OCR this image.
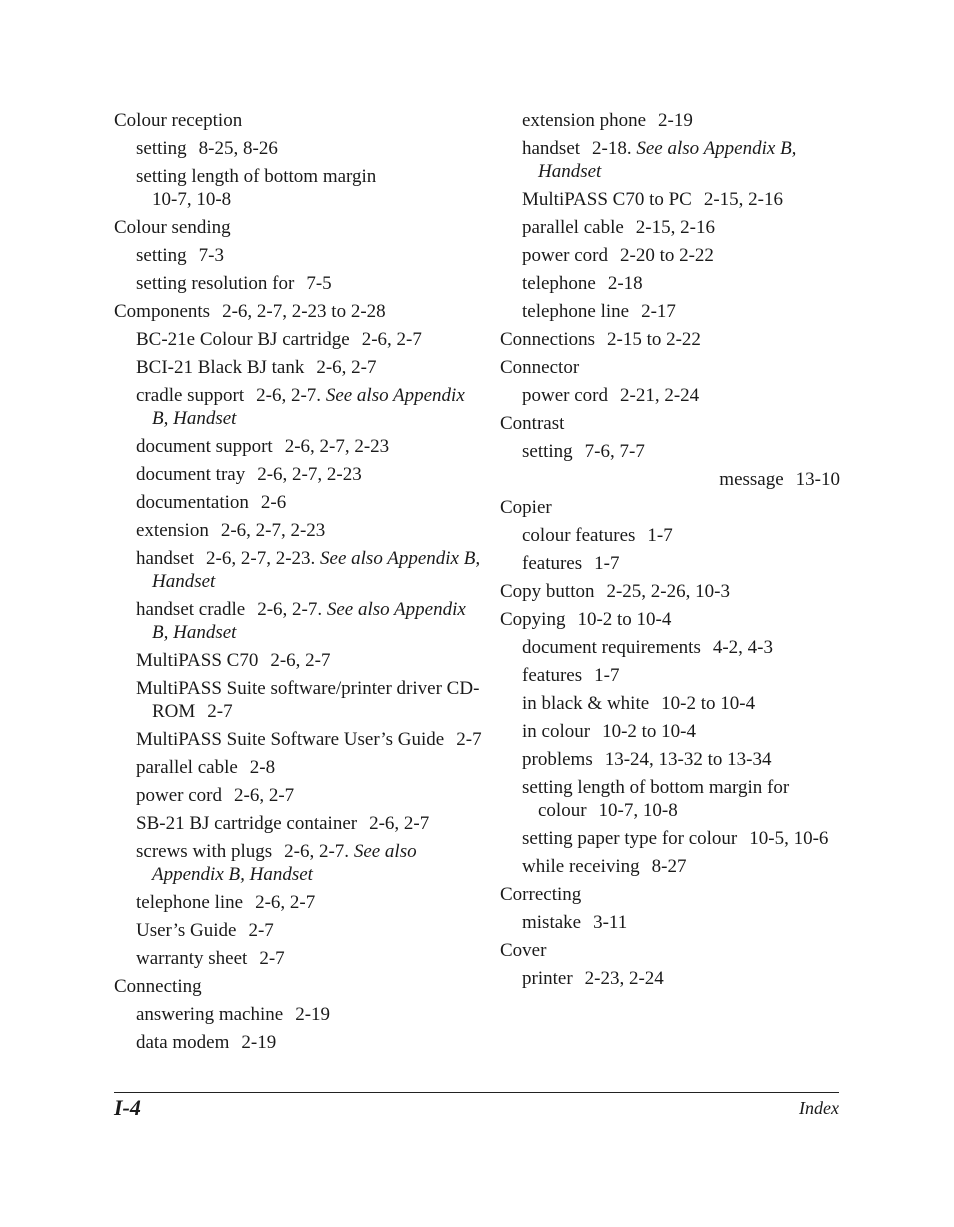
Colour reception
setting 8-25, 8-26
setting length of bottom margin
10-7, 10-8
Colour sending
setting 7-3
setting resolution for 7-5
Components 2-6, 2-7, 2-23 to 2-28
BC-21e Colour BJ cartridge 2-6, 2-7
BCI-21 Black BJ tank 2-6, 2-7
cradle support 2-6, 2-7. See also Appendix B, Handset
document support 2-6, 2-7, 2-23
document tray 2-6, 2-7, 2-23
documentation 2-6
extension 2-6, 2-7, 2-23
handset 2-6, 2-7, 2-23. See also Appendix B, Handset
handset cradle 2-6, 2-7. See also Appendix B, Handset
MultiPASS C70 2-6, 2-7
MultiPASS Suite software/printer driver CD-ROM 2-7
MultiPASS Suite Software User’s Guide 2-7
parallel cable 2-8
power cord 2-6, 2-7
SB-21 BJ cartridge container 2-6, 2-7
screws with plugs 2-6, 2-7. See also Appendix B, Handset
telephone line 2-6, 2-7
User’s Guide 2-7
warranty sheet 2-7
Connecting
answering machine 2-19
data modem 2-19
extension phone 2-19
handset 2-18. See also Appendix B, Handset
MultiPASS C70 to PC 2-15, 2-16
parallel cable 2-15, 2-16
power cord 2-20 to 2-22
telephone 2-18
telephone line 2-17
Connections 2-15 to 2-22
Connector
power cord 2-21, 2-24
Contrast
setting 7-6, 7-7
message 13-10
Copier
colour features 1-7
features 1-7
Copy button 2-25, 2-26, 10-3
Copying 10-2 to 10-4
document requirements 4-2, 4-3
features 1-7
in black & white 10-2 to 10-4
in colour 10-2 to 10-4
problems 13-24, 13-32 to 13-34
setting length of bottom margin for colour 10-7, 10-8
setting paper type for colour 10-5, 10-6
while receiving 8-27
Correcting
mistake 3-11
Cover
printer 2-23, 2-24
I-4	Index
